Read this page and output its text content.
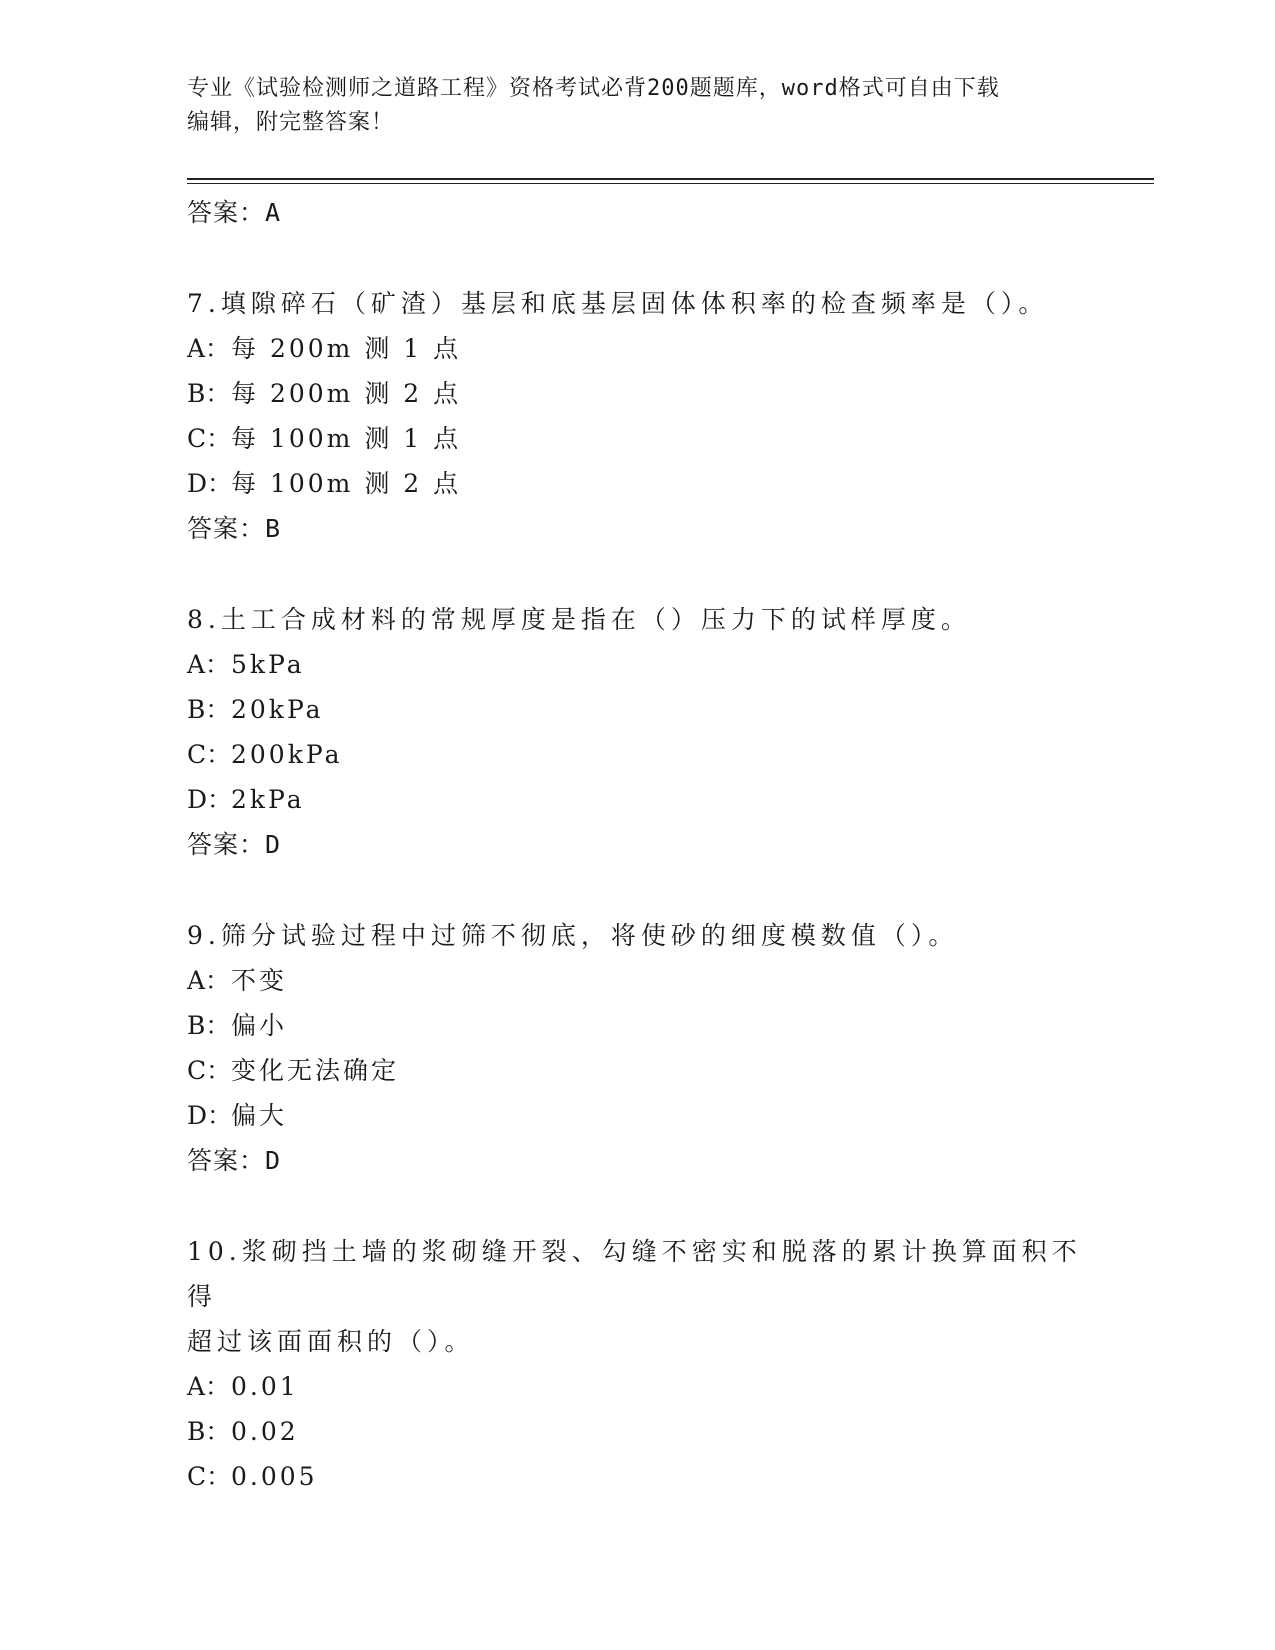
专业《试验检测师之道路工程》资格考试必背200题题库，word格式可自由下载
编辑，附完整答案！
答案：A
7.填隙碎石（矿渣）基层和底基层固体体积率的检查频率是（）。
A：每 200m 测 1 点
B：每 200m 测 2 点
C：每 100m 测 1 点
D：每 100m 测 2 点
答案：B
8.土工合成材料的常规厚度是指在（）压力下的试样厚度。
A：5kPa
B：20kPa
C：200kPa
D：2kPa
答案：D
9.筛分试验过程中过筛不彻底，将使砂的细度模数值（）。
A：不变
B：偏小
C：变化无法确定
D：偏大
答案：D
10.浆砌挡土墙的浆砌缝开裂、勾缝不密实和脱落的累计换算面积不得
超过该面面积的（）。
A：0.01
B：0.02
C：0.005
